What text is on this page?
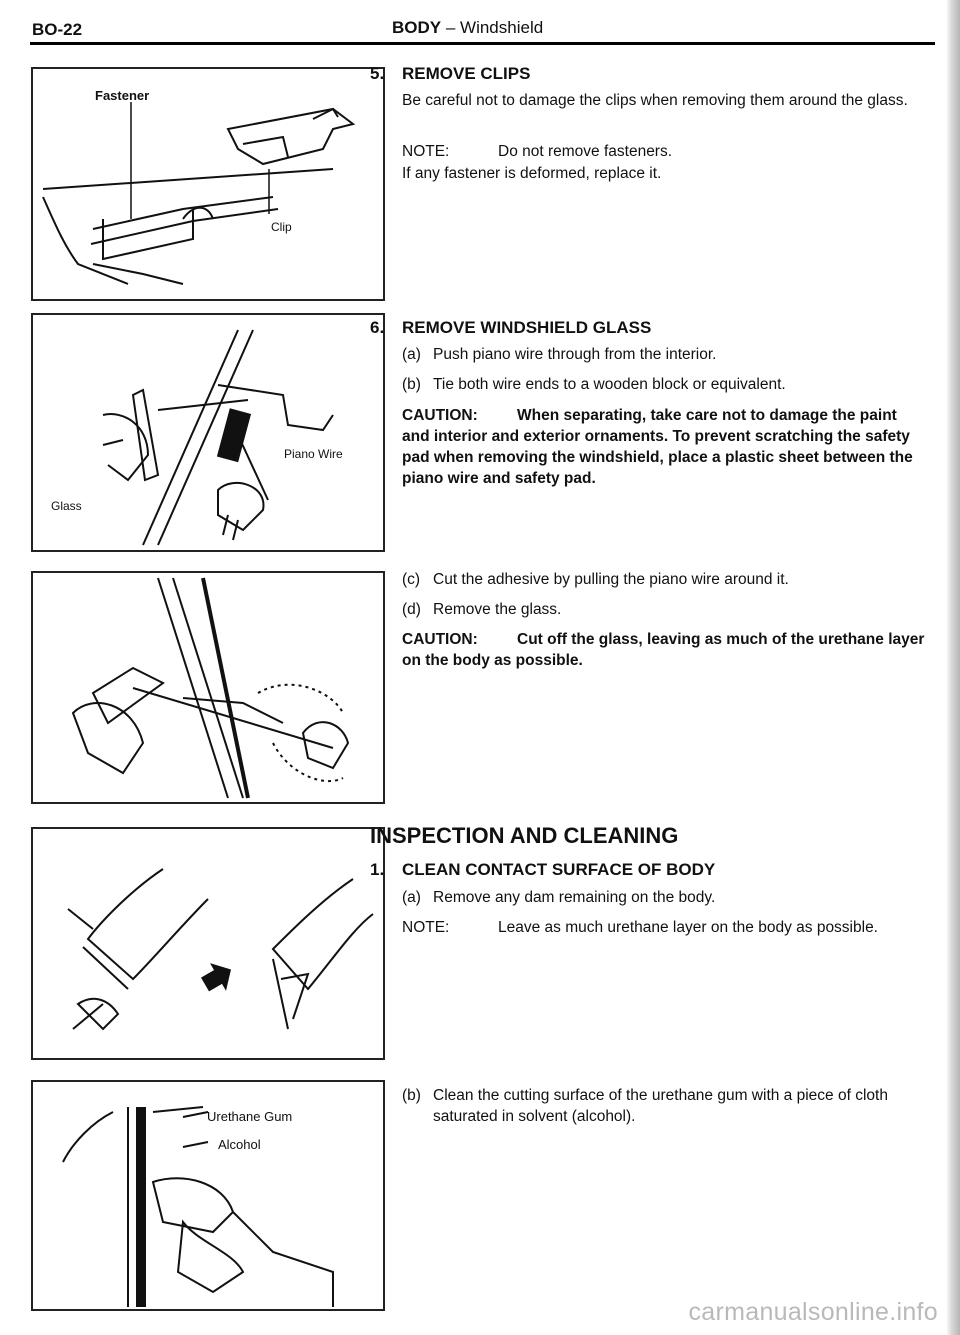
BO-22	BODY – Windshield
Fastener
Clip
Piano Wire
Glass
Urethane Gum
Alcohol
5. REMOVE CLIPS
Be careful not to damage the clips when removing them around the glass.
NOTE:	Do not remove fasteners.
If any fastener is deformed, replace it.
6. REMOVE WINDSHIELD GLASS
(a) Push piano wire through from the interior.
(b) Tie both wire ends to a wooden block or equivalent.
CAUTION:	When separating, take care not to damage the paint and interior and exterior ornaments. To prevent scratching the safety pad when removing the windshield, place a plastic sheet between the piano wire and safety pad.
(c) Cut the adhesive by pulling the piano wire around it.
(d) Remove the glass.
CAUTION:	Cut off the glass, leaving as much of the urethane layer on the body as possible.
INSPECTION AND CLEANING
1. CLEAN CONTACT SURFACE OF BODY
(a) Remove any dam remaining on the body.
NOTE:	Leave as much urethane layer on the body as possible.
(b) Clean the cutting surface of the urethane gum with a piece of cloth saturated in solvent (alcohol).
carmanualsonline.info
